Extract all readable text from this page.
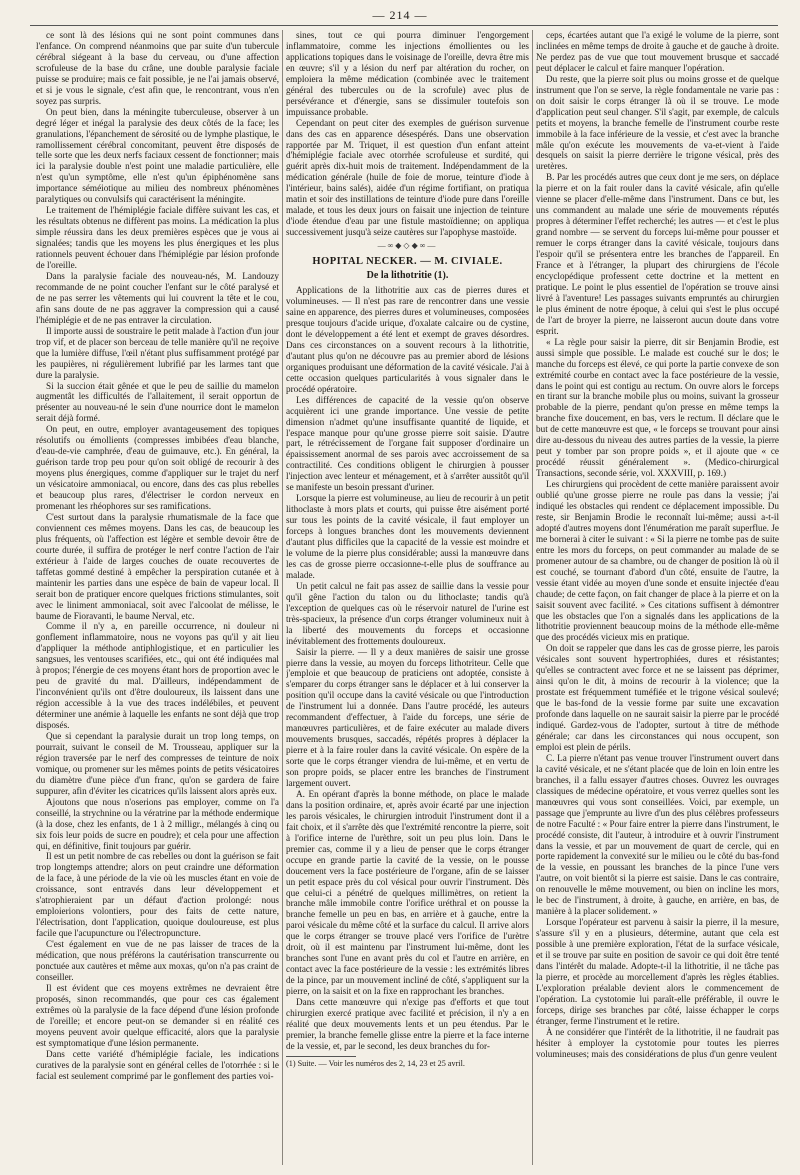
— 214 —

ce sont là des lésions qui ne sont point communes dans l'enfance. On comprend néanmoins que par suite d'un tubercule cérébral siégeant à la base du cerveau, ou d'une affection scrofuleuse de la base du crâne, une double paralysie faciale puisse se produire; mais ce fait possible, je ne l'ai jamais observé, et si je vous le signale, c'est afin que, le rencontrant, vous n'en soyez pas surpris.

On peut bien, dans la méningite tuberculeuse, observer à un degré léger et inégal la paralysie des deux côtés de la face; les granulations, l'épanchement de sérosité ou de lymphe plastique, le ramollissement cérébral concomitant, peuvent être disposés de telle sorte que les deux nerfs faciaux cessent de fonctionner; mais ici la paralysie double n'est point une maladie particulière, elle n'est qu'un symptôme, elle n'est qu'un épiphénomène sans importance séméiotique au milieu des nombreux phénomènes paralytiques ou convulsifs qui caractérisent la méningite.

Le traitement de l'hémiplégie faciale diffère suivant les cas, et les résultats obtenus ne diffèrent pas moins. La médication la plus simple réussira dans les deux premières espèces que je vous ai signalées; tandis que les moyens les plus énergiques et les plus rationnels peuvent échouer dans l'hémiplégie par lésion profonde de l'oreille.

Dans la paralysie faciale des nouveau-nés, M. Landouzy recommande de ne point coucher l'enfant sur le côté paralysé et de ne pas serrer les vêtements qui lui couvrent la tête et le cou, afin sans doute de ne pas aggraver la compression qui a causé l'hémiplégie et de ne pas entraver la circulation.

Il importe aussi de soustraire le petit malade à l'action d'un jour trop vif, et de placer son berceau de telle manière qu'il ne reçoive que la lumière diffuse, l'œil n'étant plus suffisamment protégé par les paupières, ni régulièrement lubrifié par les larmes tant que dure la paralysie.

Si la succion était gênée et que le peu de saillie du mamelon augmentât les difficultés de l'allaitement, il serait opportun de présenter au nouveau-né le sein d'une nourrice dont le mamelon serait déjà formé.

On peut, en outre, employer avantageusement des topiques résolutifs ou émollients (compresses imbibées d'eau blanche, d'eau-de-vie camphrée, d'eau de guimauve, etc.). En général, la guérison tarde trop peu pour qu'on soit obligé de recourir à des moyens plus énergiques, comme d'appliquer sur le trajet du nerf un vésicatoire ammoniacal, ou encore, dans des cas plus rebelles et beaucoup plus rares, d'électriser le cordon nerveux en promenant les rhéophores sur ses ramifications.

C'est surtout dans la paralysie rhumatismale de la face que conviennent ces mêmes moyens. Dans les cas, de beaucoup les plus fréquents, où l'affection est légère et semble devoir être de courte durée, il suffira de protéger le nerf contre l'action de l'air extérieur à l'aide de larges couches de ouate recouvertes de taffetas gommé destiné à empêcher la perspiration cutanée et à maintenir les parties dans une espèce de bain de vapeur local. Il serait bon de pratiquer encore quelques frictions stimulantes, soit avec le liniment ammoniacal, soit avec l'alcoolat de mélisse, le baume de Fioravanti, le baume Nerval, etc.

Comme il n'y a, en pareille occurrence, ni douleur ni gonflement inflammatoire, nous ne voyons pas qu'il y ait lieu d'appliquer la méthode antiphlogistique, et en particulier les sangsues, les ventouses scarifiées, etc., qui ont été indiquées mal à propos; l'énergie de ces moyens étant hors de proportion avec le peu de gravité du mal. D'ailleurs, indépendamment de l'inconvénient qu'ils ont d'être douloureux, ils laissent dans une région accessible à la vue des traces indélébiles, et peuvent déterminer une anémie à laquelle les enfants ne sont déjà que trop disposés.

Que si cependant la paralysie durait un trop long temps, on pourrait, suivant le conseil de M. Trousseau, appliquer sur la région traversée par le nerf des compresses de teinture de noix vomique, ou promener sur les mêmes points de petits vésicatoires du diamètre d'une pièce d'un franc, qu'on se gardera de faire suppurer, afin d'éviter les cicatrices qu'ils laissent alors après eux.

Ajoutons que nous n'oserions pas employer, comme on l'a conseillé, la strychnine ou la vératrine par la méthode endermique (à la dose, chez les enfants, de 1 à 2 milligr., mélangés à cinq ou six fois leur poids de sucre en poudre); et cela pour une affection qui, en définitive, finit toujours par guérir.

Il est un petit nombre de cas rebelles ou dont la guérison se fait trop longtemps attendre; alors on peut craindre une déformation de la face, à une période de la vie où les muscles étant en voie de croissance, sont entravés dans leur développement et s'atrophieraient par un défaut d'action prolongé: nous emploierions volontiers, pour des faits de cette nature, l'électrisation, dont l'application, quoique douloureuse, est plus facile que l'acupuncture ou l'électropuncture.

C'est également en vue de ne pas laisser de traces de la médication, que nous préférons la cautérisation transcurrente ou ponctuée aux cautères et même aux moxas, qu'on n'a pas craint de conseiller.

Il est évident que ces moyens extrêmes ne devraient être proposés, sinon recommandés, que pour ces cas également extrêmes où la paralysie de la face dépend d'une lésion profonde de l'oreille; et encore peut-on se demander si en réalité ces moyens peuvent avoir quelque efficacité, alors que la paralysie est symptomatique d'une lésion permanente.

Dans cette variété d'hémiplégie faciale, les indications curatives de la paralysie sont en général celles de l'otorrhée : si le facial est seulement comprimé par le gonflement des parties voi-

sines, tout ce qui pourra diminuer l'engorgement inflammatoire, comme les injections émollientes ou les applications topiques dans le voisinage de l'oreille, devra être mis en œuvre; s'il y a lésion du nerf par altération du rocher, on emploiera la même médication (combinée avec le traitement général des tubercules ou de la scrofule) avec plus de persévérance et d'énergie, sans se dissimuler toutefois son impuissance probable.

Cependant on peut citer des exemples de guérison survenue dans des cas en apparence désespérés. Dans une observation rapportée par M. Triquet, il est question d'un enfant atteint d'hémiplégie faciale avec otorrhée scrofuleuse et surdité, qui guérit après dix-huit mois de traitement. Indépendamment de la médication générale (huile de foie de morue, teinture d'iode à l'intérieur, bains salés), aidée d'un régime fortifiant, on pratiqua matin et soir des instillations de teinture d'iode pure dans l'oreille malade, et tous les deux jours on faisait une injection de teinture d'iode étendue d'eau par une fistule mastoïdienne; on appliqua successivement jusqu'à seize cautères sur l'apophyse mastoïde.

—∞◆◇◆∞—
HOPITAL NECKER. — M. CIVIALE.
De la lithotritie (1).

Applications de la lithotritie aux cas de pierres dures et volumineuses. — Il n'est pas rare de rencontrer dans une vessie saine en apparence, des pierres dures et volumineuses, composées presque toujours d'acide urique, d'oxalate calcaire ou de cystine, dont le développement a été lent et exempt de graves désordres. Dans ces circonstances on a souvent recours à la lithotritie, d'autant plus qu'on ne découvre pas au premier abord de lésions organiques produisant une déformation de la cavité vésicale. J'ai à cette occasion quelques particularités à vous signaler dans le procédé opératoire.

Les différences de capacité de la vessie qu'on observe acquièrent ici une grande importance. Une vessie de petite dimension n'admet qu'une insuffisante quantité de liquide, et l'espace manque pour qu'une grosse pierre soit saisie. D'autre part, le rétrécissement de l'organe fait supposer d'ordinaire un épaississement anormal de ses parois avec accroissement de sa contractilité. Ces conditions obligent le chirurgien à pousser l'injection avec lenteur et ménagement, et à s'arrêter aussitôt qu'il se manifeste un besoin pressant d'uriner.

Lorsque la pierre est volumineuse, au lieu de recourir à un petit lithoclaste à mors plats et courts, qui puisse être aisément porté sur tous les points de la cavité vésicale, il faut employer un forceps à longues branches dont les mouvements deviennent d'autant plus difficiles que la capacité de la vessie est moindre et le volume de la pierre plus considérable; aussi la manœuvre dans les cas de grosse pierre occasionne-t-elle plus de souffrance au malade.

Un petit calcul ne fait pas assez de saillie dans la vessie pour qu'il gêne l'action du talon ou du lithoclaste; tandis qu'à l'exception de quelques cas où le réservoir naturel de l'urine est très-spacieux, la présence d'un corps étranger volumineux nuit à la liberté des mouvements du forceps et occasionne inévitablement des frottements douloureux.

Saisir la pierre. — Il y a deux manières de saisir une grosse pierre dans la vessie, au moyen du forceps lithotriteur. Celle que j'emploie et que beaucoup de praticiens ont adoptée, consiste à s'emparer du corps étranger sans le déplacer et à lui conserver la position qu'il occupe dans la cavité vésicale ou que l'introduction de l'instrument lui a donnée. Dans l'autre procédé, les auteurs recommandent d'effectuer, à l'aide du forceps, une série de manœuvres particulières, et de faire exécuter au malade divers mouvements brusques, saccadés, répétés propres à déplacer la pierre et à la faire rouler dans la cavité vésicale. On espère de la sorte que le corps étranger viendra de lui-même, et en vertu de son propre poids, se placer entre les branches de l'instrument largement ouvert.

A. En opérant d'après la bonne méthode, on place le malade dans la position ordinaire, et, après avoir écarté par une injection les parois vésicales, le chirurgien introduit l'instrument dont il a fait choix, et il s'arrête dès que l'extrémité rencontre la pierre, soit à l'orifice interne de l'urèthre, soit un peu plus loin. Dans le premier cas, comme il y a lieu de penser que le corps étranger occupe en grande partie la cavité de la vessie, on le pousse doucement vers la face postérieure de l'organe, afin de se laisser un petit espace près du col vésical pour ouvrir l'instrument. Dès que celui-ci a pénétré de quelques millimètres, on retient la branche mâle immobile contre l'orifice uréthral et on pousse la branche femelle un peu en bas, en arrière et à gauche, entre la paroi vésicale du même côté et la surface du calcul. Il arrive alors que le corps étranger se trouve placé vers l'orifice de l'urètre droit, où il est maintenu par l'instrument lui-même, dont les branches sont l'une en avant près du col et l'autre en arrière, en contact avec la face postérieure de la vessie : les extrémités libres de la pince, par un mouvement incliné de côté, s'appliquent sur la pierre, on la saisit et on la fixe en rapprochant les branches.

Dans cette manœuvre qui n'exige pas d'efforts et que tout chirurgien exercé pratique avec facilité et précision, il n'y a en réalité que deux mouvements lents et un peu étendus. Par le premier, la branche femelle glisse entre la pierre et la face interne de la vessie, et, par le second, les deux branches du for-

(1) Suite. — Voir les numéros des 2, 14, 23 et 25 avril.

ceps, écartées autant que l'a exigé le volume de la pierre, sont inclinées en même temps de droite à gauche et de gauche à droite. Ne perdez pas de vue que tout mouvement brusque et saccadé peut déplacer le calcul et faire manquer l'opération.

Du reste, que la pierre soit plus ou moins grosse et de quelque instrument que l'on se serve, la règle fondamentale ne varie pas : on doit saisir le corps étranger là où il se trouve. Le mode d'application peut seul changer. S'il s'agit, par exemple, de calculs petits et moyens, la branche femelle de l'instrument courbe reste immobile à la face inférieure de la vessie, et c'est avec la branche mâle qu'on exécute les mouvements de va-et-vient à l'aide desquels on saisit la pierre derrière le trigone vésical, près des uretères.

B. Par les procédés autres que ceux dont je me sers, on déplace la pierre et on la fait rouler dans la cavité vésicale, afin qu'elle vienne se placer d'elle-même dans l'instrument. Dans ce but, les uns commandent au malade une série de mouvements réputés propres à déterminer l'effet recherché; les autres — et c'est le plus grand nombre — se servent du forceps lui-même pour pousser et remuer le corps étranger dans la cavité vésicale, toujours dans l'espoir qu'il se présentera entre les branches de l'appareil. En France et à l'étranger, la plupart des chirurgiens de l'école encyclopédique professent cette doctrine et la mettent en pratique. Le point le plus essentiel de l'opération se trouve ainsi livré à l'aventure! Les passages suivants empruntés au chirurgien le plus éminent de notre époque, à celui qui s'est le plus occupé de l'art de broyer la pierre, ne laisseront aucun doute dans votre esprit.

« La règle pour saisir la pierre, dit sir Benjamin Brodie, est aussi simple que possible. Le malade est couché sur le dos; le manche du forceps est élevé, ce qui porte la partie convexe de son extrémité courbe en contact avec la face postérieure de la vessie, dans le point qui est contigu au rectum. On ouvre alors le forceps en tirant sur la branche mobile plus ou moins, suivant la grosseur probable de la pierre, pendant qu'on presse en même temps la branche fixe doucement, en bas, vers le rectum. Il déclare que le but de cette manœuvre est que, « le forceps se trouvant pour ainsi dire au-dessous du niveau des autres parties de la vessie, la pierre peut y tomber par son propre poids », et il ajoute que « ce procédé réussit généralement ». (Medico-chirurgical Transactions, seconde série, vol. XXXVIII, p. 169.)

Les chirurgiens qui procèdent de cette manière paraissent avoir oublié qu'une grosse pierre ne roule pas dans la vessie; j'ai indiqué les obstacles qui rendent ce déplacement impossible. Du reste, sir Benjamin Brodie le reconnaît lui-même; aussi a-t-il adopté d'autres moyens dont l'énumération me paraît superflue. Je me bornerai à citer le suivant : « Si la pierre ne tombe pas de suite entre les mors du forceps, on peut commander au malade de se promener autour de sa chambre, ou de changer de position là où il est couché, se tournant d'abord d'un côté, ensuite de l'autre, la vessie étant vidée au moyen d'une sonde et ensuite injectée d'eau chaude; de cette façon, on fait changer de place à la pierre et on la saisit souvent avec facilité. » Ces citations suffisent à démontrer que les obstacles que l'on a signalés dans les applications de la lithotritie proviennent beaucoup moins de la méthode elle-même que des procédés vicieux mis en pratique.

On doit se rappeler que dans les cas de grosse pierre, les parois vésicales sont souvent hypertrophiées, dures et résistantes; qu'elles se contractent avec force et ne se laissent pas déprimer, ainsi qu'on le dit, à moins de recourir à la violence; que la prostate est fréquemment tuméfiée et le trigone vésical soulevé; que le bas-fond de la vessie forme par suite une excavation profonde dans laquelle on ne saurait saisir la pierre par le procédé indiqué. Gardez-vous de l'adopter, surtout à titre de méthode générale; car dans les circonstances qui nous occupent, son emploi est plein de périls.

C. La pierre n'étant pas venue trouver l'instrument ouvert dans la cavité vésicale, et ne s'étant placée que de loin en loin entre les branches, il a fallu essayer d'autres choses. Ouvrez les ouvrages classiques de médecine opératoire, et vous verrez quelles sont les manœuvres qui vous sont conseillées. Voici, par exemple, un passage que j'emprunte au livre d'un des plus célèbres professeurs de notre Faculté : « Pour faire entrer la pierre dans l'instrument, le procédé consiste, dit l'auteur, à introduire et à ouvrir l'instrument dans la vessie, et par un mouvement de quart de cercle, qui en porte rapidement la convexité sur le milieu ou le côté du bas-fond de la vessie, en poussant les branches de la pince l'une vers l'autre, on voit bientôt si la pierre est saisie. Dans le cas contraire, on renouvelle le même mouvement, ou bien on incline les mors, le bec de l'instrument, à droite, à gauche, en arrière, en bas, de manière à la placer solidement. »

Lorsque l'opérateur est parvenu à saisir la pierre, il la mesure, s'assure s'il y en a plusieurs, détermine, autant que cela est possible à une première exploration, l'état de la surface vésicale, et il se trouve par suite en position de savoir ce qui doit être tenté dans l'intérêt du malade. Adopte-t-il la lithotritie, il ne tâche pas la pierre, et procède au morcellement d'après les règles établies. L'exploration préalable devient alors le commencement de l'opération. La cystotomie lui paraît-elle préférable, il ouvre le forceps, dirige ses branches par côté, laisse échapper le corps étranger, ferme l'instrument et le retire.

À ne considérer que l'intérêt de la lithotritie, il ne faudrait pas hésiter à employer la cystotomie pour toutes les pierres volumineuses; mais des considérations de plus d'un genre veulent
